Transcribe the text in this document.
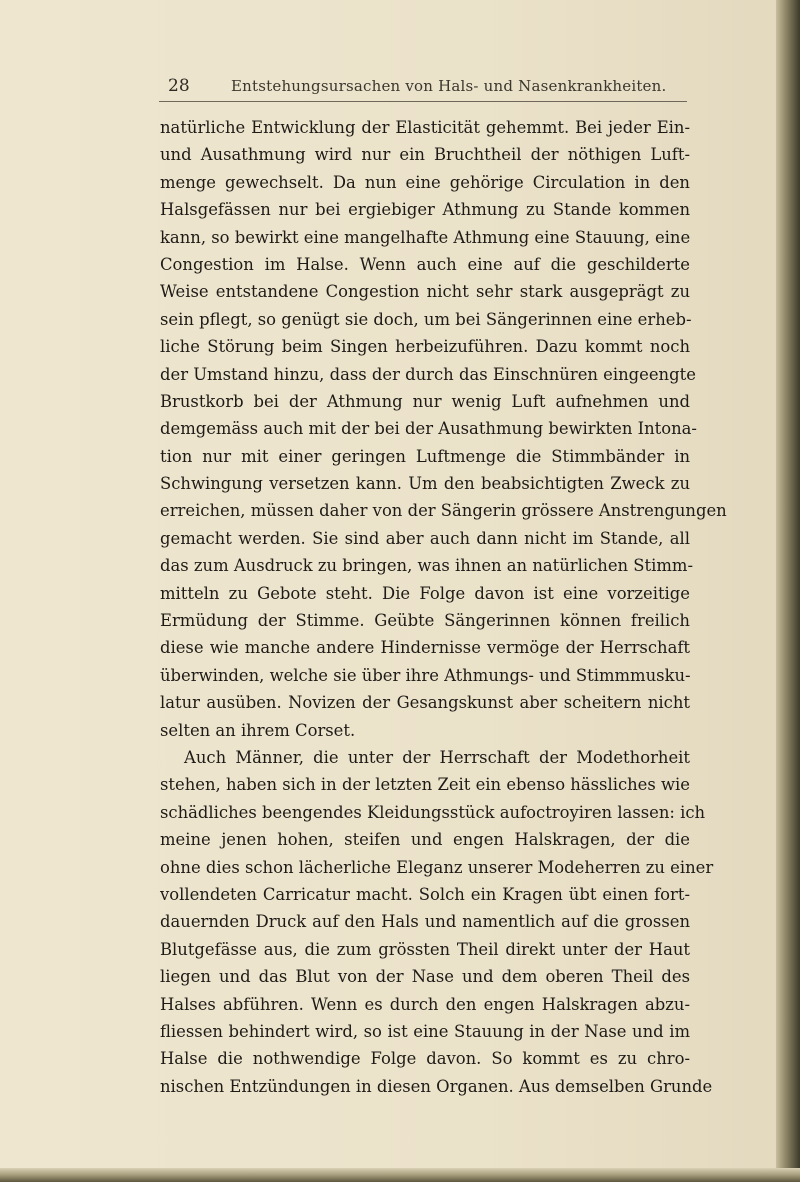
28	Entstehungsursachen von Hals- und Nasenkrankheiten.
natürliche Entwicklung der Elasticität gehemmt. Bei jeder Ein-
und Ausathmung wird nur ein Bruchtheil der nöthigen Luft-
menge gewechselt. Da nun eine gehörige Circulation in den
Halsgefässen nur bei ergiebiger Athmung zu Stande kommen
kann, so bewirkt eine mangelhafte Athmung eine Stauung, eine
Congestion im Halse. Wenn auch eine auf die geschilderte
Weise entstandene Congestion nicht sehr stark ausgeprägt zu
sein pflegt, so genügt sie doch, um bei Sängerinnen eine erheb-
liche Störung beim Singen herbeizuführen. Dazu kommt noch
der Umstand hinzu, dass der durch das Einschnüren eingeengte
Brustkorb bei der Athmung nur wenig Luft aufnehmen und
demgemäss auch mit der bei der Ausathmung bewirkten Intona-
tion nur mit einer geringen Luftmenge die Stimmbänder in
Schwingung versetzen kann. Um den beabsichtigten Zweck zu
erreichen, müssen daher von der Sängerin grössere Anstrengungen
gemacht werden. Sie sind aber auch dann nicht im Stande, all
das zum Ausdruck zu bringen, was ihnen an natürlichen Stimm-
mitteln zu Gebote steht. Die Folge davon ist eine vorzeitige
Ermüdung der Stimme. Geübte Sängerinnen können freilich
diese wie manche andere Hindernisse vermöge der Herrschaft
überwinden, welche sie über ihre Athmungs- und Stimmmusku-
latur ausüben. Novizen der Gesangskunst aber scheitern nicht
selten an ihrem Corset.
Auch Männer, die unter der Herrschaft der Modethorheit
stehen, haben sich in der letzten Zeit ein ebenso hässliches wie
schädliches beengendes Kleidungsstück aufoctroyiren lassen: ich
meine jenen hohen, steifen und engen Halskragen, der die
ohne dies schon lächerliche Eleganz unserer Modeherren zu einer
vollendeten Carricatur macht. Solch ein Kragen übt einen fort-
dauernden Druck auf den Hals und namentlich auf die grossen
Blutgefässe aus, die zum grössten Theil direkt unter der Haut
liegen und das Blut von der Nase und dem oberen Theil des
Halses abführen. Wenn es durch den engen Halskragen abzu-
fliessen behindert wird, so ist eine Stauung in der Nase und im
Halse die nothwendige Folge davon. So kommt es zu chro-
nischen Entzündungen in diesen Organen. Aus demselben Grunde
